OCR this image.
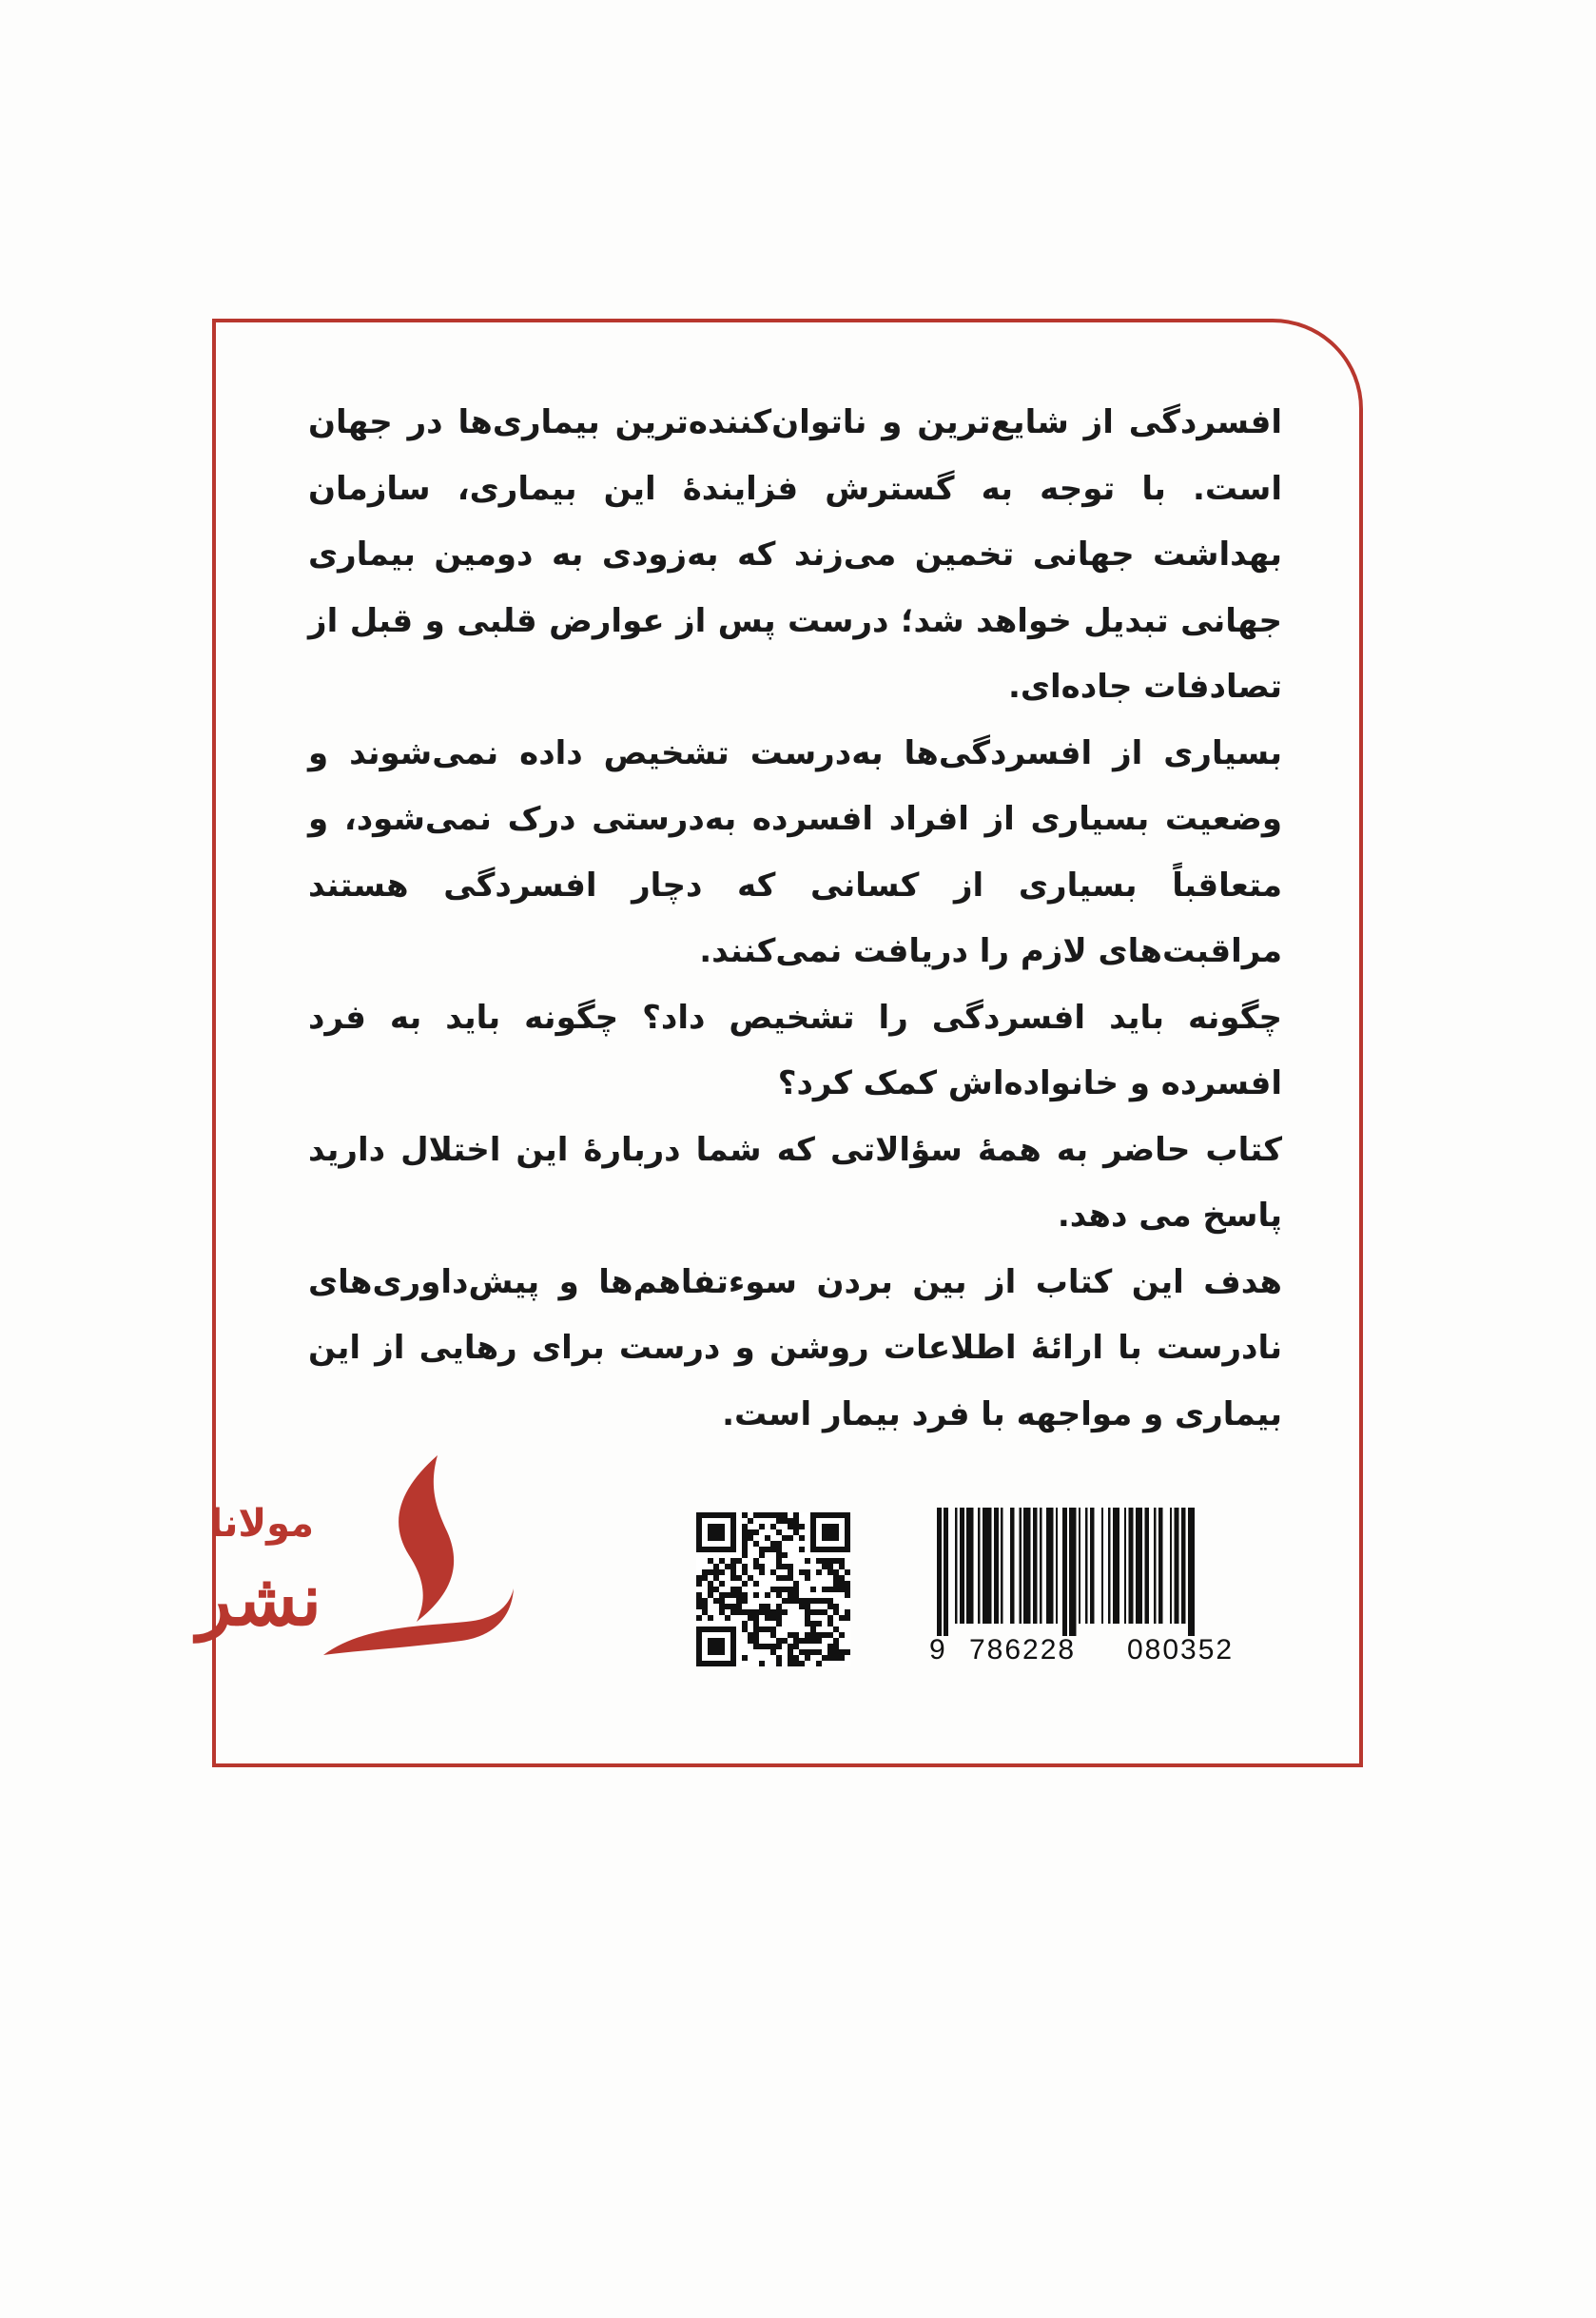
افسردگی از شایع‌ترین و ناتوان‌کننده‌ترین بیماری‌ها در جهان است. با توجه به گسترش فزایندهٔ این بیماری، سازمان بهداشت جهانی تخمین می‌زند که به‌زودی به دومین بیماری جهانی تبدیل خواهد شد؛ درست پس از عوارض قلبی و قبل از تصادفات جاده‌ای.

بسیاری از افسردگی‌ها به‌درست تشخیص داده نمی‌شوند و وضعیت بسیاری از افراد افسرده به‌درستی درک نمی‌شود، و متعاقباً بسیاری از کسانی که دچار افسردگی هستند مراقبت‌های لازم را دریافت نمی‌کنند.

چگونه باید افسردگی را تشخیص داد؟ چگونه باید به فرد افسرده و خانواده‌اش کمک کرد؟

کتاب حاضر به همهٔ سؤالاتی که شما دربارهٔ این اختلال دارید پاسخ می دهد.

هدف این کتاب از بین بردن سوءتفاهم‌ها و پیش‌داوری‌های نادرست با ارائهٔ اطلاعات روشن و درست برای رهایی از این بیماری و مواجهه با فرد بیمار است.

مولانا
نشر
9 786228 080352
